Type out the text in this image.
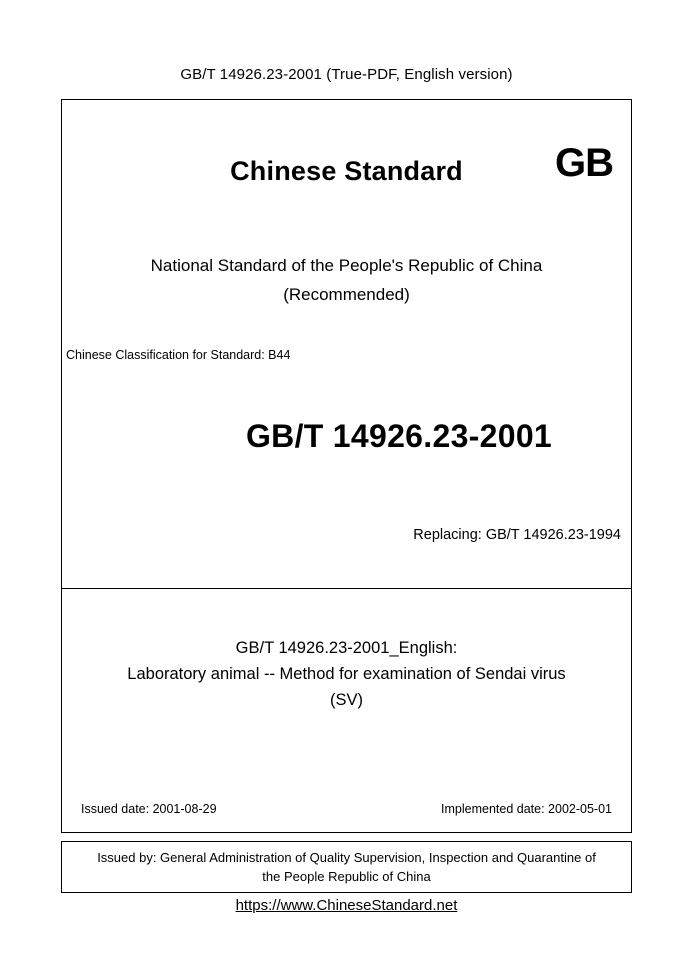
GB/T 14926.23-2001 (True-PDF, English version)
Chinese Standard	GB
National Standard of the People's Republic of China
(Recommended)
Chinese Classification for Standard: B44
GB/T 14926.23-2001
Replacing: GB/T 14926.23-1994
GB/T 14926.23-2001_English:
Laboratory animal -- Method for examination of Sendai virus
(SV)
Issued date: 2001-08-29	Implemented date: 2002-05-01
Issued by: General Administration of Quality Supervision, Inspection and Quarantine of
the People Republic of China
https://www.ChineseStandard.net
